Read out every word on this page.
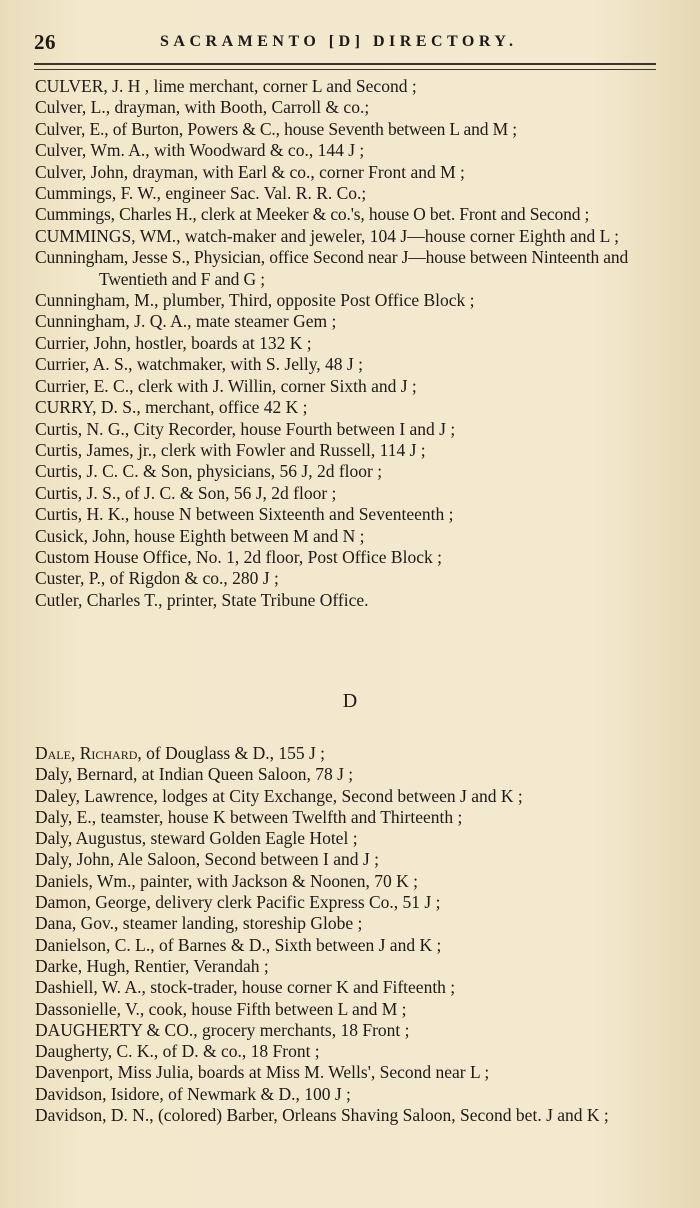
26	SACRAMENTO [D] DIRECTORY.

CULVER, J. H , lime merchant, corner L and Second ;

Culver, L., drayman, with Booth, Carroll & co.;

Culver, E., of Burton, Powers & C., house Seventh between L and M ;

Culver, Wm. A., with Woodward & co., 144 J ;

Culver, John, drayman, with Earl & co., corner Front and M ;

Cummings, F. W., engineer Sac. Val. R. R. Co.;

Cummings, Charles H., clerk at Meeker & co.'s, house O bet. Front and Second ;

CUMMINGS, WM., watch-maker and jeweler, 104 J—house corner Eighth and L ;

Cunningham, Jesse S., Physician, office Second near J—house between Ninteenth and Twentieth and F and G ;

Cunningham, M., plumber, Third, opposite Post Office Block ;

Cunningham, J. Q. A., mate steamer Gem ;

Currier, John, hostler, boards at 132 K ;

Currier, A. S., watchmaker, with S. Jelly, 48 J ;

Currier, E. C., clerk with J. Willin, corner Sixth and J ;

CURRY, D. S., merchant, office 42 K ;

Curtis, N. G., City Recorder, house Fourth between I and J ;

Curtis, James, jr., clerk with Fowler and Russell, 114 J ;

Curtis, J. C. C. & Son, physicians, 56 J, 2d floor ;

Curtis, J. S., of J. C. & Son, 56 J, 2d floor ;

Curtis, H. K., house N between Sixteenth and Seventeenth ;

Cusick, John, house Eighth between M and N ;

Custom House Office, No. 1, 2d floor, Post Office Block ;

Custer, P., of Rigdon & co., 280 J ;

Cutler, Charles T., printer, State Tribune Office.

D

Dale, Richard, of Douglass & D., 155 J ;

Daly, Bernard, at Indian Queen Saloon, 78 J ;

Daley, Lawrence, lodges at City Exchange, Second between J and K ;

Daly, E., teamster, house K between Twelfth and Thirteenth ;

Daly, Augustus, steward Golden Eagle Hotel ;

Daly, John, Ale Saloon, Second between I and J ;

Daniels, Wm., painter, with Jackson & Noonen, 70 K ;

Damon, George, delivery clerk Pacific Express Co., 51 J ;

Dana, Gov., steamer landing, storeship Globe ;

Danielson, C. L., of Barnes & D., Sixth between J and K ;

Darke, Hugh, Rentier, Verandah ;

Dashiell, W. A., stock-trader, house corner K and Fifteenth ;

Dassonielle, V., cook, house Fifth between L and M ;

DAUGHERTY & CO., grocery merchants, 18 Front ;

Daugherty, C. K., of D. & co., 18 Front ;

Davenport, Miss Julia, boards at Miss M. Wells', Second near L ;

Davidson, Isidore, of Newmark & D., 100 J ;

Davidson, D. N., (colored) Barber, Orleans Shaving Saloon, Second bet. J and K ;
